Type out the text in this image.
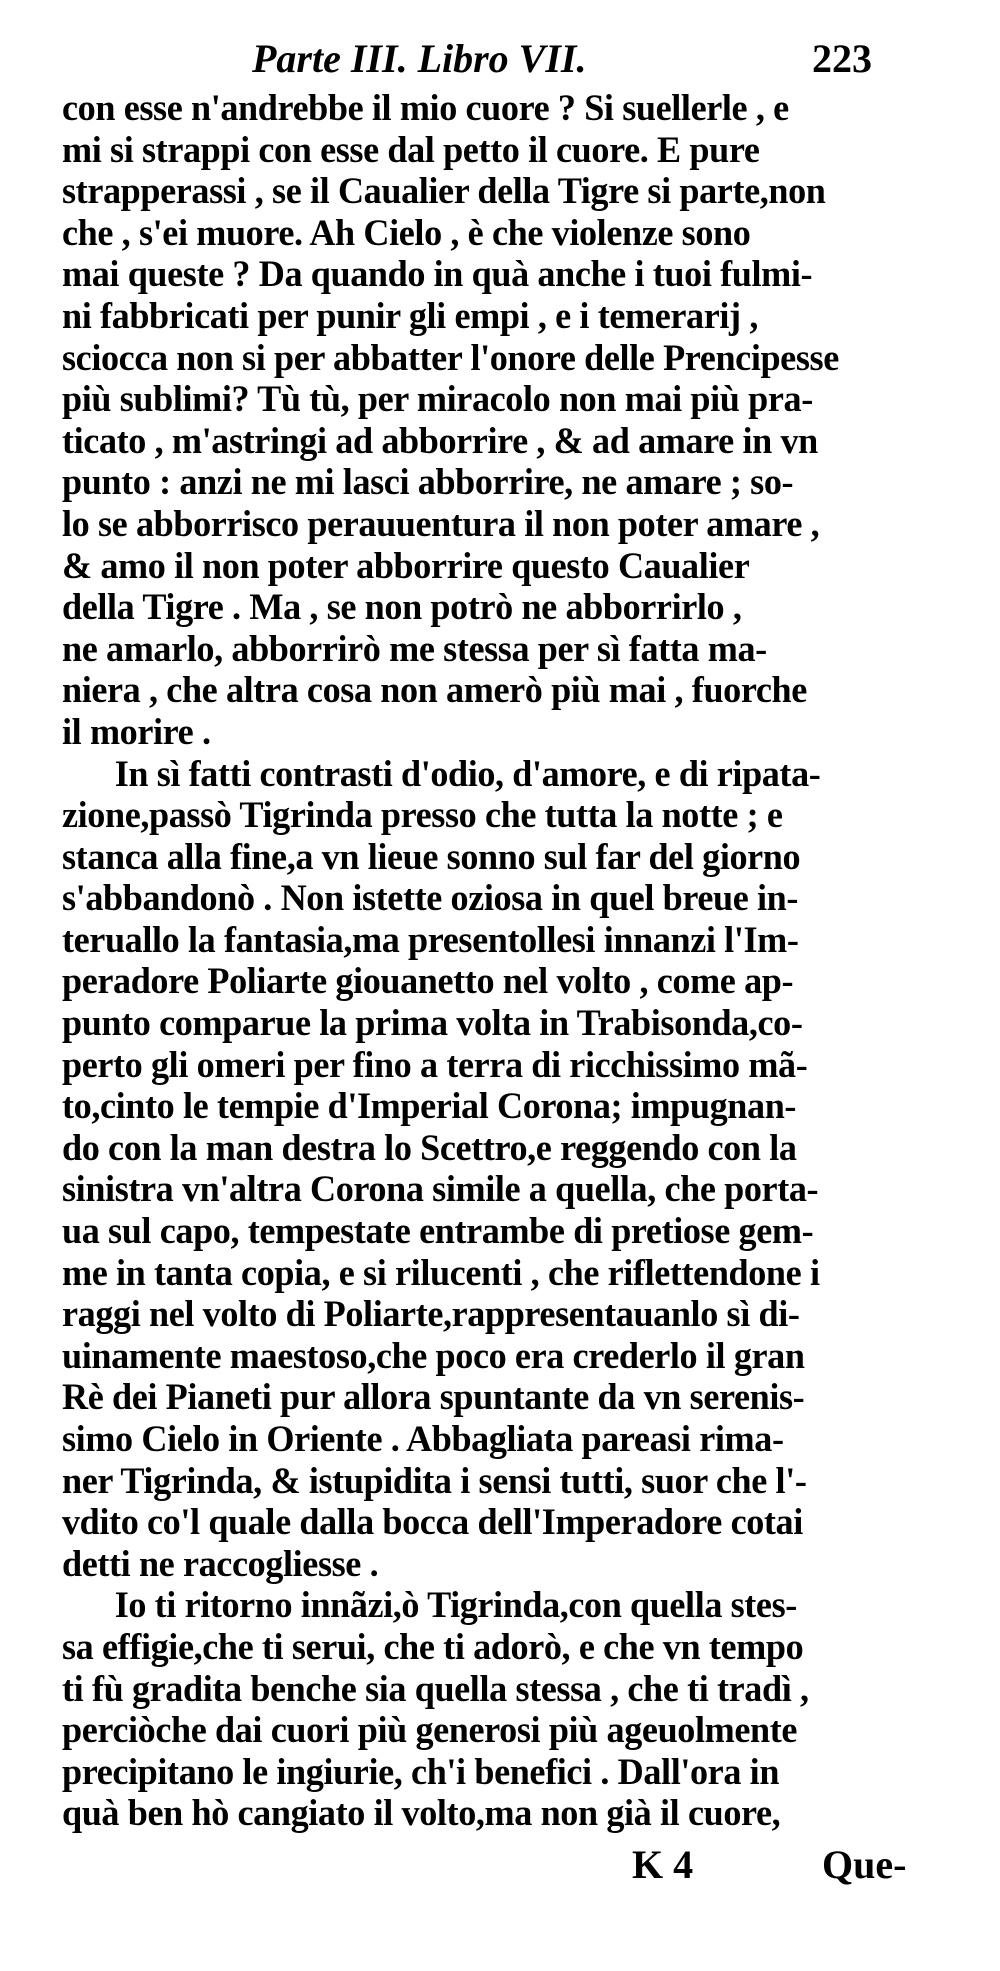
Parte III. Libro VII.	223
con esse n'andrebbe il mio cuore ? Si suellerle , e
mi si strappi con esse dal petto il cuore. E pure
strapperassi , se il Caualier della Tigre si parte,non
che , s'ei muore. Ah Cielo , è che violenze sono
mai queste ? Da quando in quà anche i tuoi fulmi-
ni fabbricati per punir gli empi , e i temerarij ,
sciocca non si per abbatter l'onore delle Prencipesse
più sublimi? Tù tù, per miracolo non mai più pra-
ticato , m'astringi ad abborrire , & ad amare in vn
punto : anzi ne mi lasci abborrire, ne amare ; so-
lo se abborrisco perauuentura il non poter amare ,
& amo il non poter abborrire questo Caualier
della Tigre . Ma , se non potrò ne abborrirlo ,
ne amarlo, abborrirò me stessa per sì fatta ma-
niera , che altra cosa non amerò più mai , fuorche
il morire .
In sì fatti contrasti d'odio, d'amore, e di ripata-
zione,passò Tigrinda presso che tutta la notte ; e
stanca alla fine,a vn lieue sonno sul far del giorno
s'abbandonò . Non istette oziosa in quel breue in-
teruallo la fantasia,ma presentollesi innanzi l'Im-
peradore Poliarte giouanetto nel volto , come ap-
punto comparue la prima volta in Trabisonda,co-
perto gli omeri per fino a terra di ricchissimo mã-
to,cinto le tempie d'Imperial Corona; impugnan-
do con la man destra lo Scettro,e reggendo con la
sinistra vn'altra Corona simile a quella, che porta-
ua sul capo, tempestate entrambe di pretiose gem-
me in tanta copia, e si rilucenti , che riflettendone i
raggi nel volto di Poliarte,rappresentauanlo sì di-
uinamente maestoso,che poco era crederlo il gran
Rè dei Pianeti pur allora spuntante da vn serenis-
simo Cielo in Oriente . Abbagliata pareasi rima-
ner Tigrinda, & istupidita i sensi tutti, suor che l'-
vdito co'l quale dalla bocca dell'Imperadore cotai
detti ne raccogliesse .
Io ti ritorno innãzi,ò Tigrinda,con quella stes-
sa effigie,che ti serui, che ti adorò, e che vn tempo
ti fù gradita benche sia quella stessa , che ti tradì ,
perciòche dai cuori più generosi più ageuolmente
precipitano le ingiurie, ch'i benefici . Dall'ora in
quà ben hò cangiato il volto,ma non già il cuore,
K 4	Que-
